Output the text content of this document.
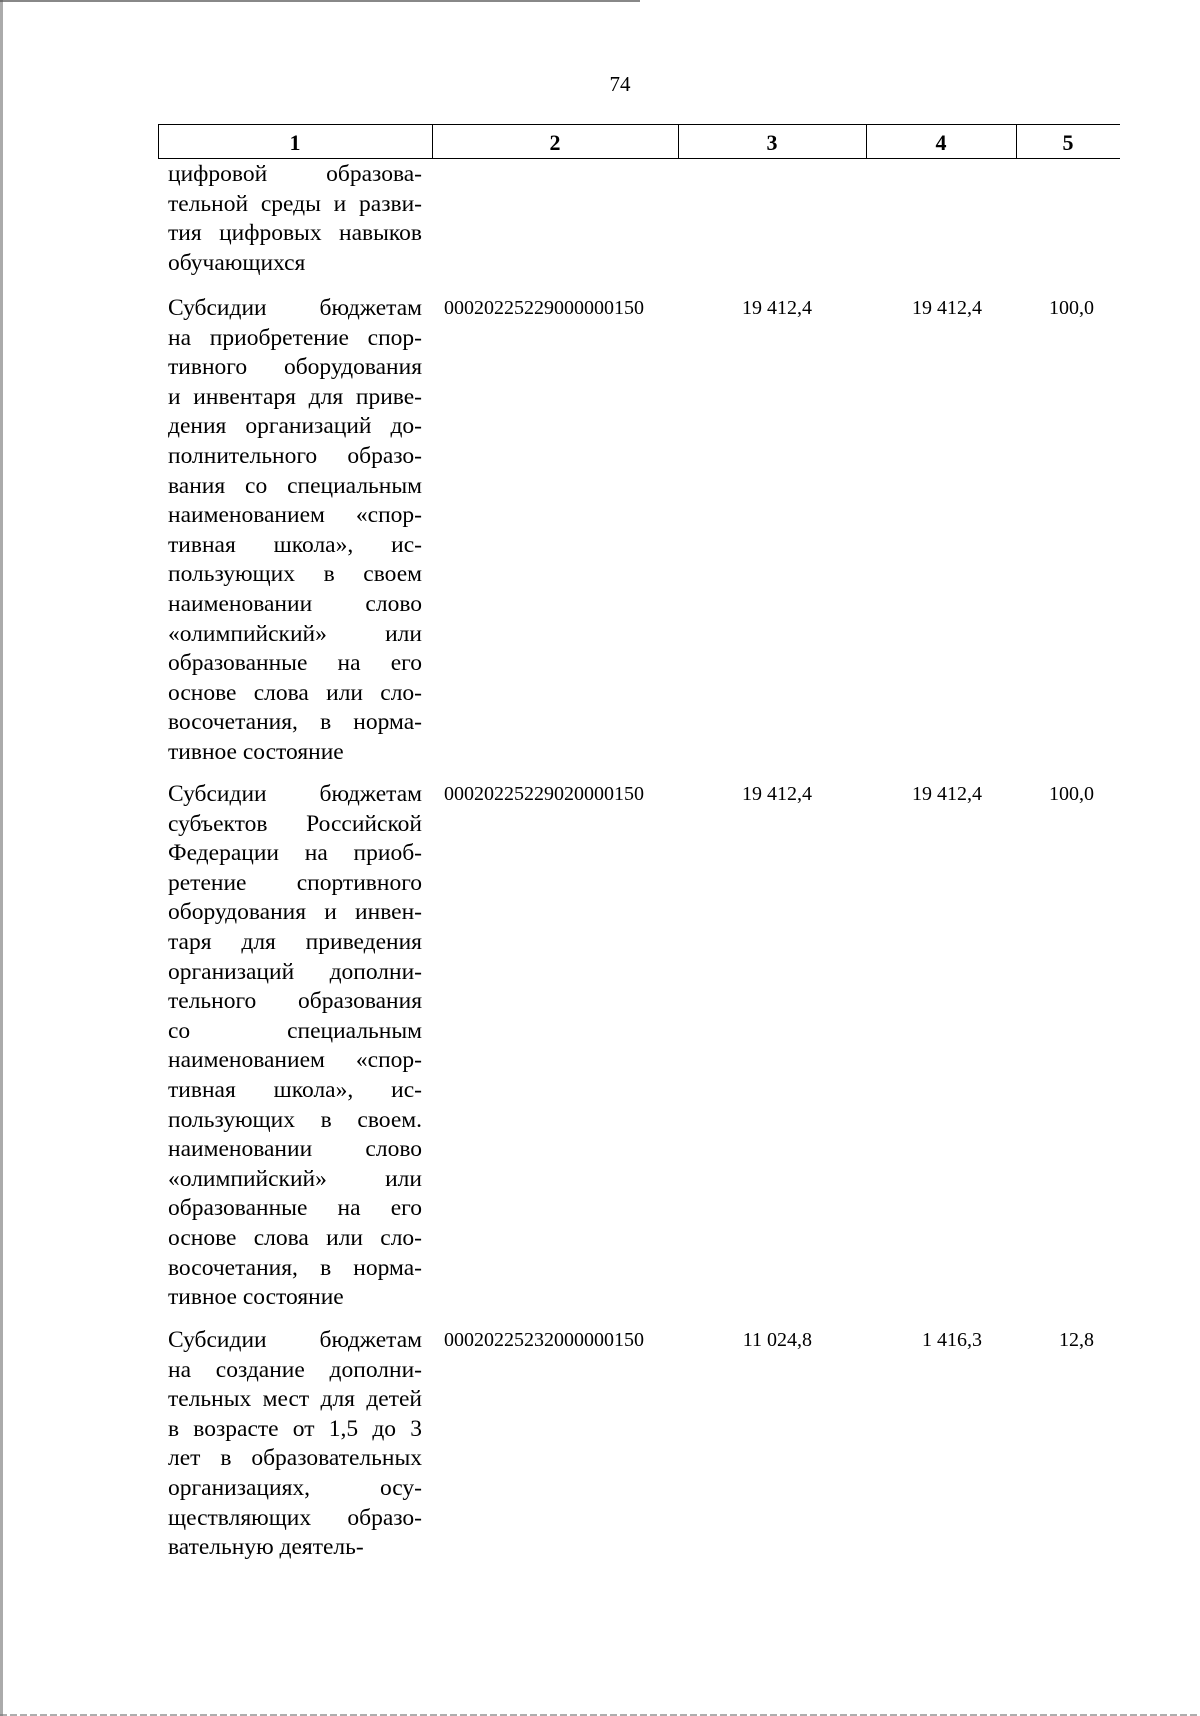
74
1	2	3	4	5
цифровой образова-
тельной среды и разви-
тия цифровых навыков
обучающихся
Субсидии бюджетам
на приобретение спор-
тивного оборудования
и инвентаря для приве-
дения организаций до-
полнительного образо-
вания со специальным
наименованием «спор-
тивная школа», ис-
пользующих в своем
наименовании слово
«олимпийский» или
образованные на его
основе слова или сло-
восочетания, в норма-
тивное состояние
00020225229000000150	19 412,4	19 412,4	100,0
Субсидии бюджетам
субъектов Российской
Федерации на приоб-
ретение спортивного
оборудования и инвен-
таря для приведения
организаций дополни-
тельного образования
со специальным
наименованием «спор-
тивная школа», ис-
пользующих в своем.
наименовании слово
«олимпийский» или
образованные на его
основе слова или сло-
восочетания, в норма-
тивное состояние
00020225229020000150	19 412,4	19 412,4	100,0
Субсидии бюджетам
на создание дополни-
тельных мест для детей
в возрасте от 1,5 до 3
лет в образовательных
организациях, осу-
ществляющих образо-
вательную деятель-
00020225232000000150	11 024,8	1 416,3	12,8
